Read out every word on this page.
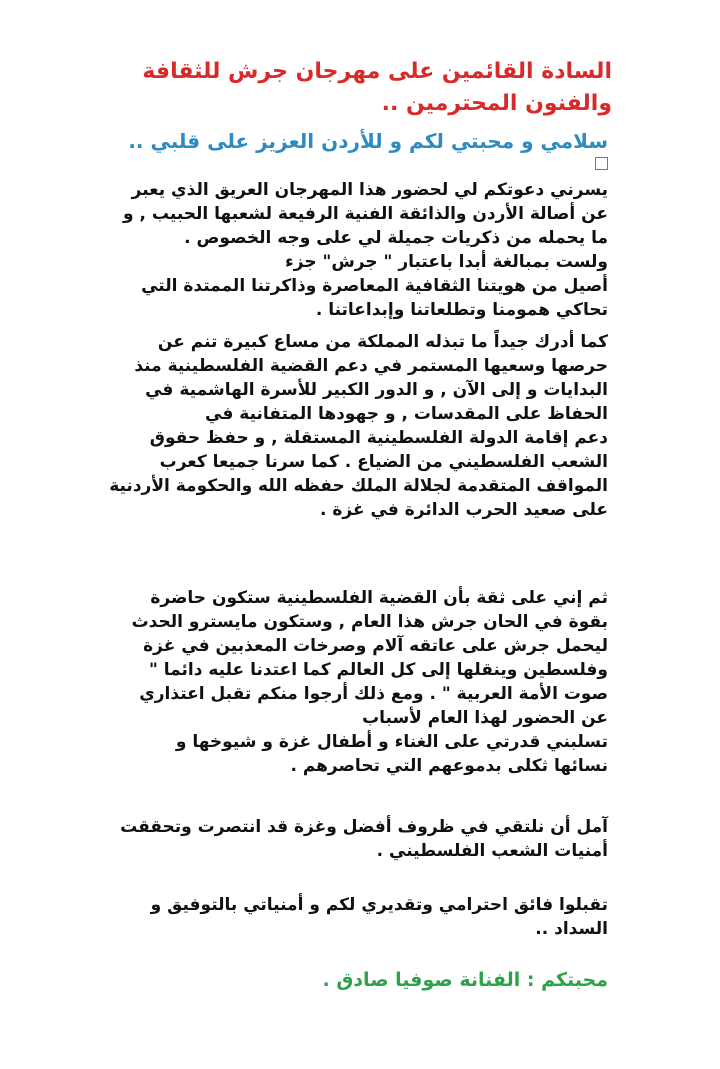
السادة القائمين على مهرجان جرش للثقافة
والفنون المحترمين ..
سلامي و محبتي لكم و للأردن العزيز على قلبي ..
يسرني دعوتكم لي لحضور هذا المهرجان العريق الذي يعبر
عن أصالة الأردن والذائقة الفنية الرفيعة لشعبها الحبيب , و
ما يحمله من ذكريات جميلة لي على وجه الخصوص .
ولست بمبالغة أبدا باعتبار " جرش" جزء
أصيل من هويتنا الثقافية المعاصرة وذاكرتنا الممتدة التي
تحاكي همومنا وتطلعاتنا وإبداعاتنا .
كما أدرك جيداً ما تبذله المملكة من مساع كبيرة تنم عن
حرصها وسعيها المستمر في دعم القضية الفلسطينية منذ
البدايات و إلى الآن , و الدور الكبير للأسرة الهاشمية في
الحفاظ على المقدسات , و جهودها المتفانية في
دعم إقامة الدولة الفلسطينية المستقلة , و حفظ حقوق
الشعب الفلسطيني من الضياع . كما سرنا جميعا كعرب
المواقف المتقدمة لجلالة الملك حفظه الله والحكومة الأردنية
على صعيد الحرب الدائرة في غزة .
ثم إني على ثقة بأن القضية الفلسطينية ستكون حاضرة
بقوة في الحان جرش هذا العام , وستكون مايسترو الحدث
ليحمل جرش على عاتقه آلام وصرخات المعذبين في غزة
وفلسطين وينقلها إلى كل العالم كما اعتدنا عليه دائما "
صوت الأمة العربية " . ومع ذلك أرجوا منكم تقبل اعتذاري
عن الحضور لهذا العام لأسباب
تسلبني قدرتي على الغناء و أطفال غزة و شيوخها و
نسائها ثكلى بدموعهم التي تحاصرهم .
آمل أن نلتقي في ظروف أفضل وغزة قد انتصرت وتحققت
أمنيات الشعب الفلسطيني .
تقبلوا فائق احترامي وتقديري لكم و أمنياتي بالتوفيق و
السداد ..
محبتكم : الفنانة صوفيا صادق .
